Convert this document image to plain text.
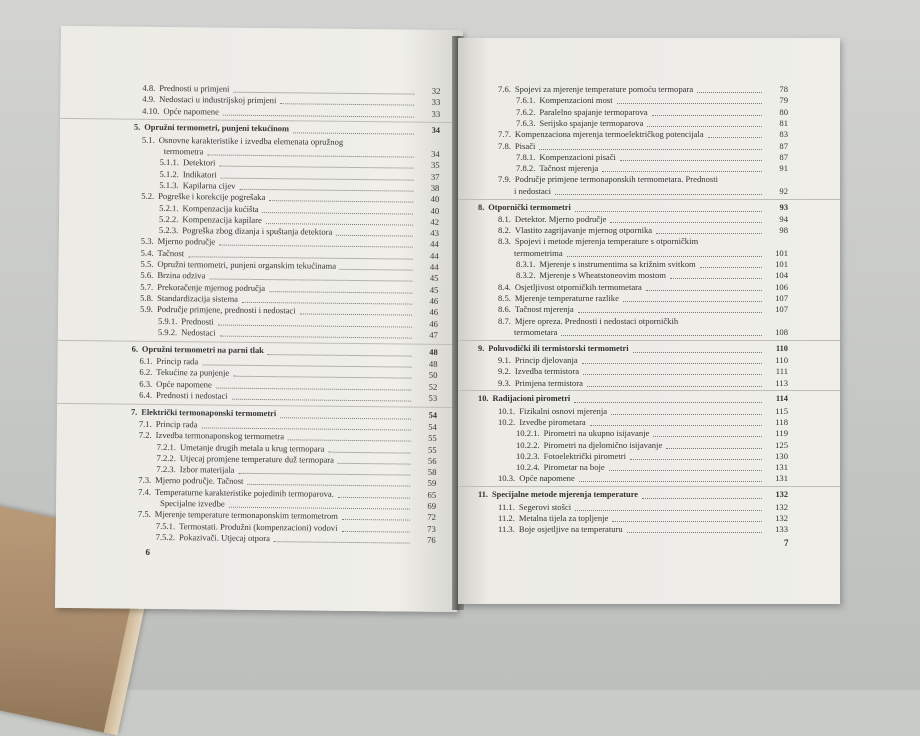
4.8. Prednosti u primjeni	32
4.9. Nedostaci u industrijskoj primjeni	33
4.10. Opće napomene	33
5. Opružni termometri, punjeni tekućinom	34
5.1. Osnovne karakteristike i izvedba elemenata opružnog
termometra	34
5.1.1. Detektori	35
5.1.2. Indikatori	37
5.1.3. Kapilarna cijev	38
5.2. Pogreške i korekcije pogrešaka	40
5.2.1. Kompenzacija kućišta	40
5.2.2. Kompenzacija kapilare	42
5.2.3. Pogreška zbog dizanja i spuštanja detektora	43
5.3. Mjerno područje	44
5.4. Tačnost	44
5.5. Opružni termometri, punjeni organskim tekućinama	44
5.6. Brzina odziva	45
5.7. Prekoračenje mjernog područja	45
5.8. Standardizacija sistema	46
5.9. Područje primjene, prednosti i nedostaci	46
5.9.1. Prednosti	46
5.9.2. Nedostaci	47
6. Opružni termometri na parni tlak	48
6.1. Princip rada	48
6.2. Tekućine za punjenje	50
6.3. Opće napomene	52
6.4. Prednosti i nedostaci	53
7. Električki termonaponski termometri	54
7.1. Princip rada	54
7.2. Izvedba termonaponskog termometra	55
7.2.1. Umetanje drugih metala u krug termopara	55
7.2.2. Utjecaj promjene temperature duž termopara	56
7.2.3. Izbor materijala	58
7.3. Mjerno područje. Tačnost	59
7.4. Temperaturne karakteristike pojedinih termoparova.	65
Specijalne izvedbe	69
7.5. Mjerenje temperature termonaponskim termometrom	72
7.5.1. Termostati. Produžni (kompenzacioni) vodovi	73
7.5.2. Pokazivači. Utjecaj otpora	76
6
7.6. Spojevi za mjerenje temperature pomoću termopara	78
7.6.1. Kompenzacioni most	79
7.6.2. Paralelno spajanje termoparova	80
7.6.3. Serijsko spajanje termoparova	81
7.7. Kompenzaciona mjerenja termoelektričkog potencijala	83
7.8. Pisači	87
7.8.1. Kompenzacioni pisači	87
7.8.2. Tačnost mjerenja	91
7.9. Područje primjene termonaponskih termometara. Prednosti
i nedostaci	92
8. Otpornički termometri	93
8.1. Detektor. Mjerno područje	94
8.2. Vlastito zagrijavanje mjernog otpornika	98
8.3. Spojevi i metode mjerenja temperature s otporničkim
termometrima	101
8.3.1. Mjerenje s instrumentima sa križnim svitkom	101
8.3.2. Mjerenje s Wheatstoneovim mostom	104
8.4. Osjetljivost otporničkih termometara	106
8.5. Mjerenje temperaturne razlike	107
8.6. Tačnost mjerenja	107
8.7. Mjere opreza. Prednosti i nedostaci otporničkih
termometara	108
9. Poluvodički ili termistorski termometri	110
9.1. Princip djelovanja	110
9.2. Izvedba termistora	111
9.3. Primjena termistora	113
10. Radijacioni pirometri	114
10.1. Fizikalni osnovi mjerenja	115
10.2. Izvedbe pirometara	118
10.2.1. Pirometri na ukupno isijavanje	119
10.2.2. Pirometri na djelomično isijavanje	125
10.2.3. Fotoelektrički pirometri	130
10.2.4. Pirometar na boje	131
10.3. Opće napomene	131
11. Specijalne metode mjerenja temperature	132
11.1. Segerovi stošci	132
11.2. Metalna tijela za topljenje	132
11.3. Boje osjetljive na temperaturu	133
7
